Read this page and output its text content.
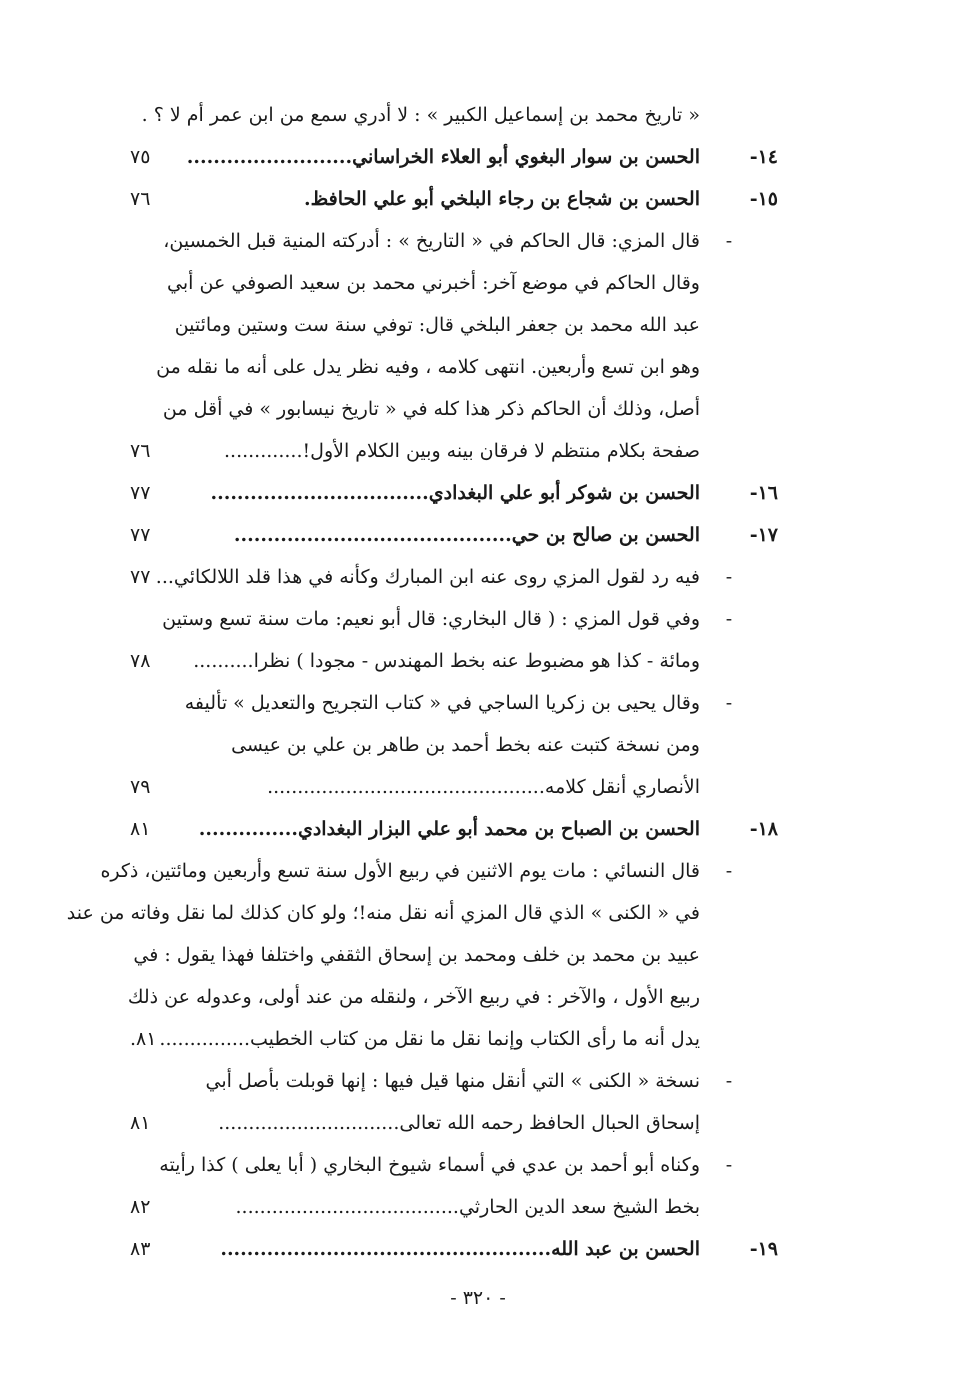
« تاريخ محمد بن إسماعيل الكبير » : لا أدري سمع من ابن عمر أم لا ؟ .
١٤-
الحسن بن سوار البغوي أبو العلاء الخراساني.........................
٧٥
١٥-
الحسن بن شجاع بن رجاء البلخي أبو علي الحافظ.
٧٦
-
قال المزي: قال الحاكم في « التاريخ » : أدركته المنية قبل الخمسين،
وقال الحاكم في موضع آخر: أخبرني محمد بن سعيد الصوفي عن أبي
عبد الله محمد بن جعفر البلخي قال: توفي سنة ست وستين ومائتين
وهو ابن تسع وأربعين. انتهى كلامه ، وفيه نظر يدل على أنه ما نقله من
أصل، وذلك أن الحاكم ذكر هذا كله في « تاريخ نيسابور » في أقل من
صفحة بكلام منتظم لا فرقان بينه وبين الكلام الأول!.............
٧٦
١٦-
الحسن بن شوكر أبو علي البغدادي.................................
٧٧
١٧-
الحسن بن صالح بن حي..........................................
٧٧
-
فيه رد لقول المزي روى عنه ابن المبارك وكأنه في هذا قلد اللالكائي...
٧٧
-
وفي قول المزي : ( قال البخاري: قال أبو نعيم: مات سنة تسع وستين
ومائة - كذا هو مضبوط عنه بخط المهندس - مجودا ) نظرا..........
٧٨
-
وقال يحيى بن زكريا الساجي في « كتاب التجريح والتعديل » تأليفه
ومن نسخة كتبت عنه بخط أحمد بن طاهر بن علي بن عيسى
الأنصاري أنقل كلامه..............................................
٧٩
١٨-
الحسن بن الصباح بن محمد أبو علي البزار البغدادي...............
٨١
-
قال النسائي : مات يوم الاثنين في ربيع الأول سنة تسع وأربعين ومائتين، ذكره
في « الكنى » الذي قال المزي أنه نقل منه!؛ ولو كان كذلك لما نقل وفاته من عند
عبيد بن محمد بن خلف ومحمد بن إسحاق الثقفي واختلفا فهذا يقول : في
ربيع الأول ، والآخر : في ربيع الآخر ، ولنقله من عند أولى، وعدوله عن ذلك
يدل أنه ما رأى الكتاب وإنما نقل ما نقل من كتاب الخطيب...............
.٨١
-
نسخة « الكنى » التي أنقل منها قيل فيها : إنها قوبلت بأصل أبي
إسحاق الحبال الحافظ رحمه الله تعالى..............................
٨١
-
وكناه أبو أحمد بن عدي في أسماء شيوخ البخاري ( أبا يعلى ) كذا رأيته
بخط الشيخ سعد الدين الحارثي.....................................
٨٢
١٩-
الحسن بن عبد الله..................................................
٨٣
- ٣٢٠ -
